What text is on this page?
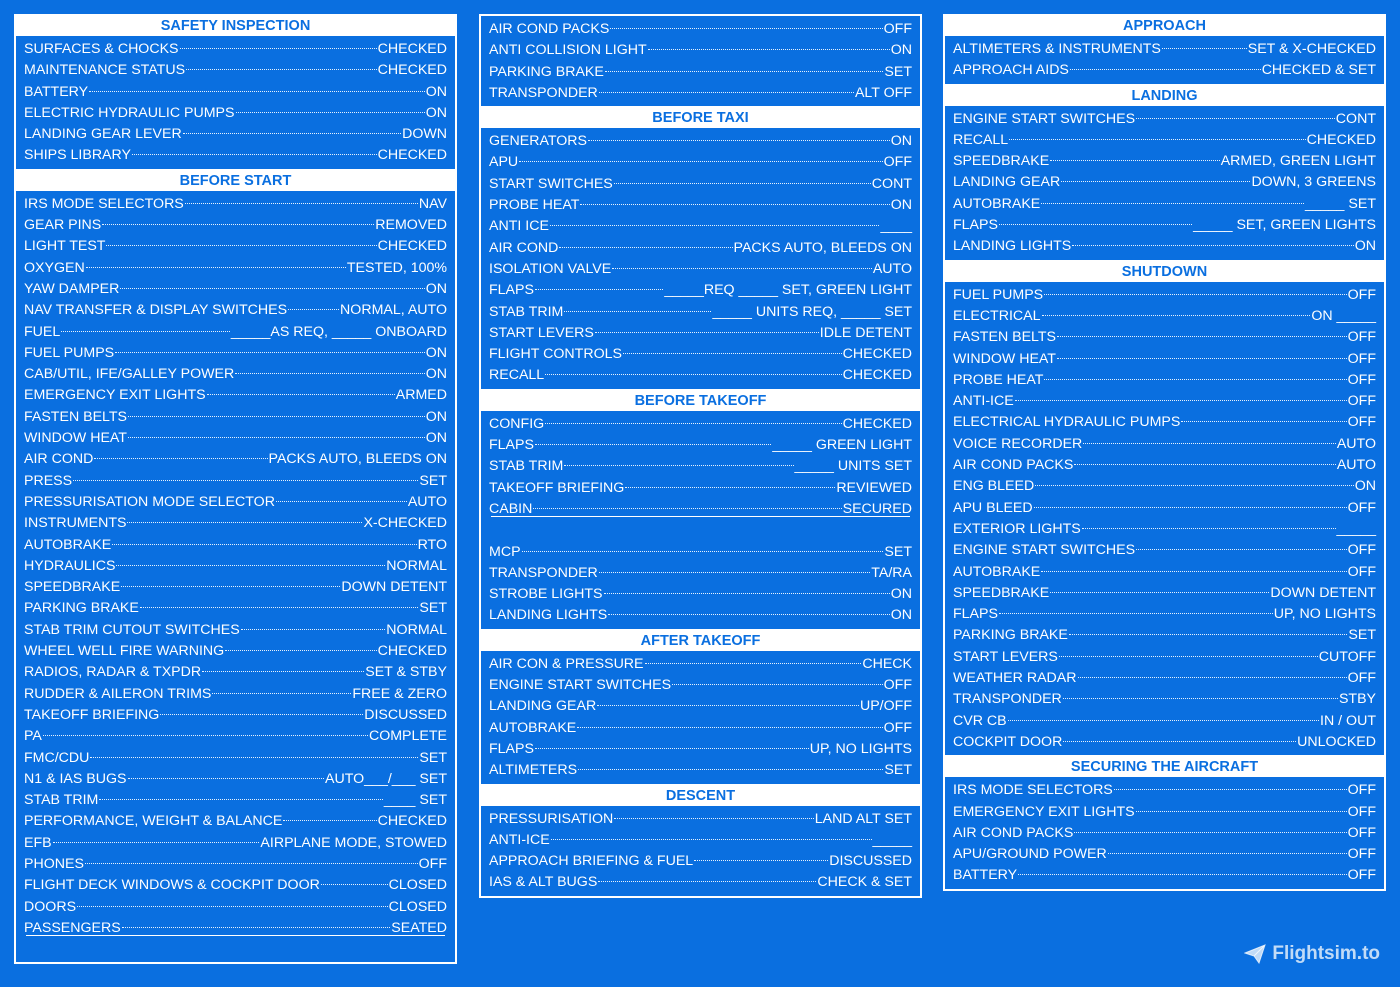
SAFETY INSPECTION
SURFACES & CHOCKS	CHECKED
MAINTENANCE STATUS	CHECKED
BATTERY	ON
ELECTRIC HYDRAULIC PUMPS	ON
LANDING GEAR LEVER	DOWN
SHIPS LIBRARY	CHECKED
BEFORE START
IRS MODE SELECTORS	NAV
GEAR PINS	REMOVED
LIGHT TEST	CHECKED
OXYGEN	TESTED, 100%
YAW DAMPER	ON
NAV TRANSFER & DISPLAY SWITCHES	NORMAL, AUTO
FUEL	_____AS REQ, _____ ONBOARD
FUEL PUMPS	ON
CAB/UTIL, IFE/GALLEY POWER	ON
EMERGENCY EXIT LIGHTS	ARMED
FASTEN BELTS	ON
WINDOW HEAT	ON
AIR COND	PACKS AUTO, BLEEDS ON
PRESS	SET
PRESSURISATION MODE SELECTOR	AUTO
INSTRUMENTS	X-CHECKED
AUTOBRAKE	RTO
HYDRAULICS	NORMAL
SPEEDBRAKE	DOWN DETENT
PARKING BRAKE	SET
STAB TRIM CUTOUT SWITCHES	NORMAL
WHEEL WELL FIRE WARNING	CHECKED
RADIOS, RADAR & TXPDR	SET & STBY
RUDDER & AILERON TRIMS	FREE & ZERO
TAKEOFF BRIEFING	DISCUSSED
PA	COMPLETE
FMC/CDU	SET
N1 & IAS BUGS	AUTO___/___ SET
STAB TRIM	____ SET
PERFORMANCE, WEIGHT & BALANCE	CHECKED
EFB	AIRPLANE MODE, STOWED
PHONES	OFF
FLIGHT DECK WINDOWS & COCKPIT DOOR	CLOSED
DOORS	CLOSED
PASSENGERS	SEATED
AIR COND PACKS	OFF
ANTI COLLISION LIGHT	ON
PARKING BRAKE	SET
TRANSPONDER	ALT OFF
BEFORE TAXI
GENERATORS	ON
APU	OFF
START SWITCHES	CONT
PROBE HEAT	ON
ANTI ICE	____
AIR COND	PACKS AUTO, BLEEDS ON
ISOLATION VALVE	AUTO
FLAPS	_____REQ _____ SET, GREEN LIGHT
STAB TRIM	_____ UNITS REQ, _____ SET
START LEVERS	IDLE DETENT
FLIGHT CONTROLS	CHECKED
RECALL	CHECKED
BEFORE TAKEOFF
CONFIG	CHECKED
FLAPS	_____ GREEN LIGHT
STAB TRIM	_____ UNITS SET
TAKEOFF BRIEFING	REVIEWED
CABIN	SECURED
MCP	SET
TRANSPONDER	TA/RA
STROBE LIGHTS	ON
LANDING LIGHTS	ON
AFTER TAKEOFF
AIR CON & PRESSURE	CHECK
ENGINE START SWITCHES	OFF
LANDING GEAR	UP/OFF
AUTOBRAKE	OFF
FLAPS	UP, NO LIGHTS
ALTIMETERS	SET
DESCENT
PRESSURISATION	LAND ALT SET
ANTI-ICE	_____
APPROACH BRIEFING & FUEL	DISCUSSED
IAS & ALT BUGS	CHECK & SET
APPROACH
ALTIMETERS & INSTRUMENTS	SET & X-CHECKED
APPROACH AIDS	CHECKED & SET
LANDING
ENGINE START SWITCHES	CONT
RECALL	CHECKED
SPEEDBRAKE	ARMED, GREEN LIGHT
LANDING GEAR	DOWN, 3 GREENS
AUTOBRAKE	_____ SET
FLAPS	_____ SET, GREEN LIGHTS
LANDING LIGHTS	ON
SHUTDOWN
FUEL PUMPS	OFF
ELECTRICAL	ON _____
FASTEN BELTS	OFF
WINDOW HEAT	OFF
PROBE HEAT	OFF
ANTI-ICE	OFF
ELECTRICAL HYDRAULIC PUMPS	OFF
VOICE RECORDER	AUTO
AIR COND PACKS	AUTO
ENG BLEED	ON
APU BLEED	OFF
EXTERIOR LIGHTS	_____
ENGINE START SWITCHES	OFF
AUTOBRAKE	OFF
SPEEDBRAKE	DOWN DETENT
FLAPS	UP, NO LIGHTS
PARKING BRAKE	SET
START LEVERS	CUTOFF
WEATHER RADAR	OFF
TRANSPONDER	STBY
CVR CB	IN / OUT
COCKPIT DOOR	UNLOCKED
SECURING THE AIRCRAFT
IRS MODE SELECTORS	OFF
EMERGENCY EXIT LIGHTS	OFF
AIR COND PACKS	OFF
APU/GROUND POWER	OFF
BATTERY	OFF
Flightsim.to
